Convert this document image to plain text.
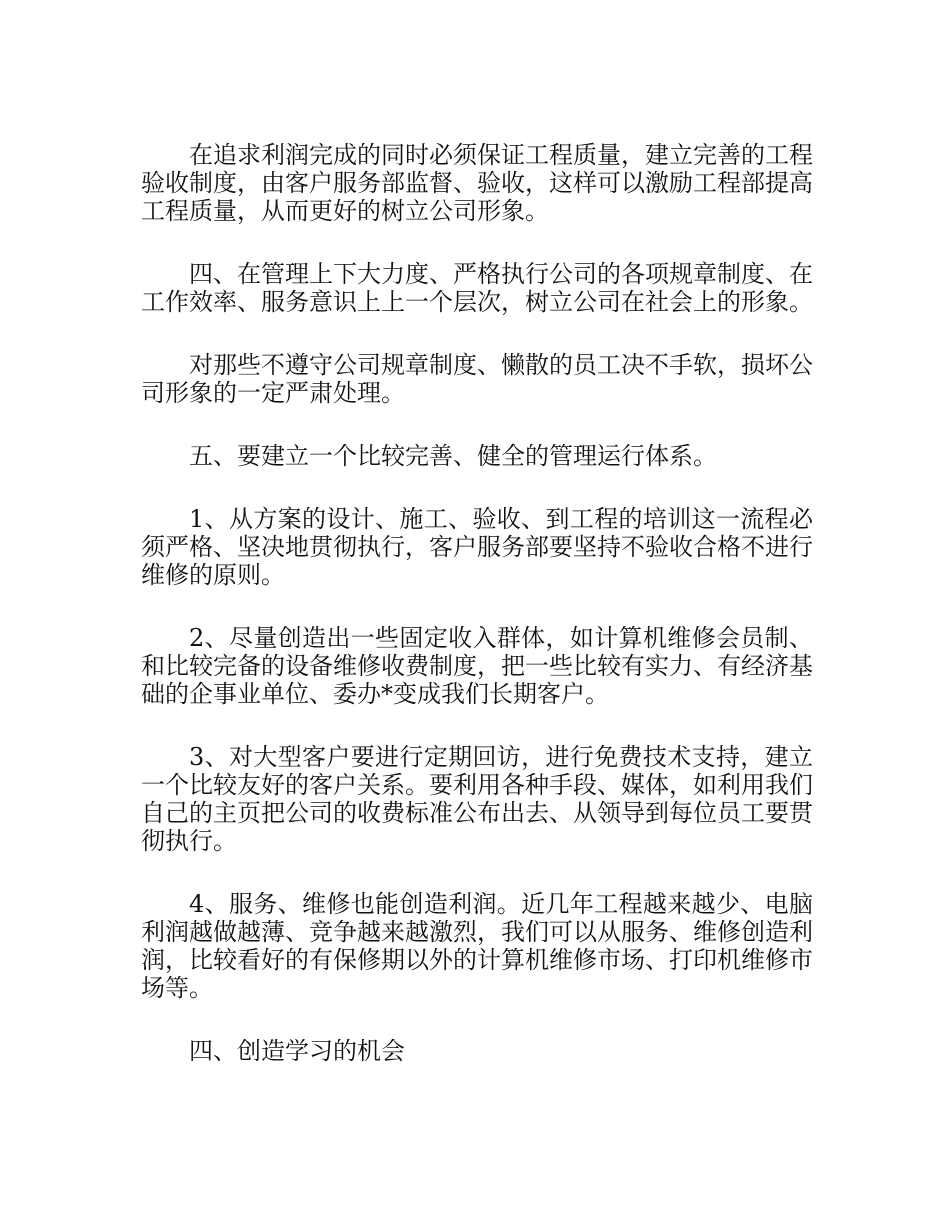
在追求利润完成的同时必须保证工程质量，建立完善的工程验收制度，由客户服务部监督、验收，这样可以激励工程部提高工程质量，从而更好的树立公司形象。

四、在管理上下大力度、严格执行公司的各项规章制度、在工作效率、服务意识上上一个层次，树立公司在社会上的形象。

对那些不遵守公司规章制度、懒散的员工决不手软，损坏公司形象的一定严肃处理。

五、要建立一个比较完善、健全的管理运行体系。

1、从方案的设计、施工、验收、到工程的培训这一流程必须严格、坚决地贯彻执行，客户服务部要坚持不验收合格不进行维修的原则。

2、尽量创造出一些固定收入群体，如计算机维修会员制、和比较完备的设备维修收费制度，把一些比较有实力、有经济基础的企事业单位、委办*变成我们长期客户。

3、对大型客户要进行定期回访，进行免费技术支持，建立一个比较友好的客户关系。要利用各种手段、媒体，如利用我们自己的主页把公司的收费标准公布出去、从领导到每位员工要贯彻执行。

4、服务、维修也能创造利润。近几年工程越来越少、电脑利润越做越薄、竞争越来越激烈，我们可以从服务、维修创造利润，比较看好的有保修期以外的计算机维修市场、打印机维修市场等。

四、创造学习的机会
